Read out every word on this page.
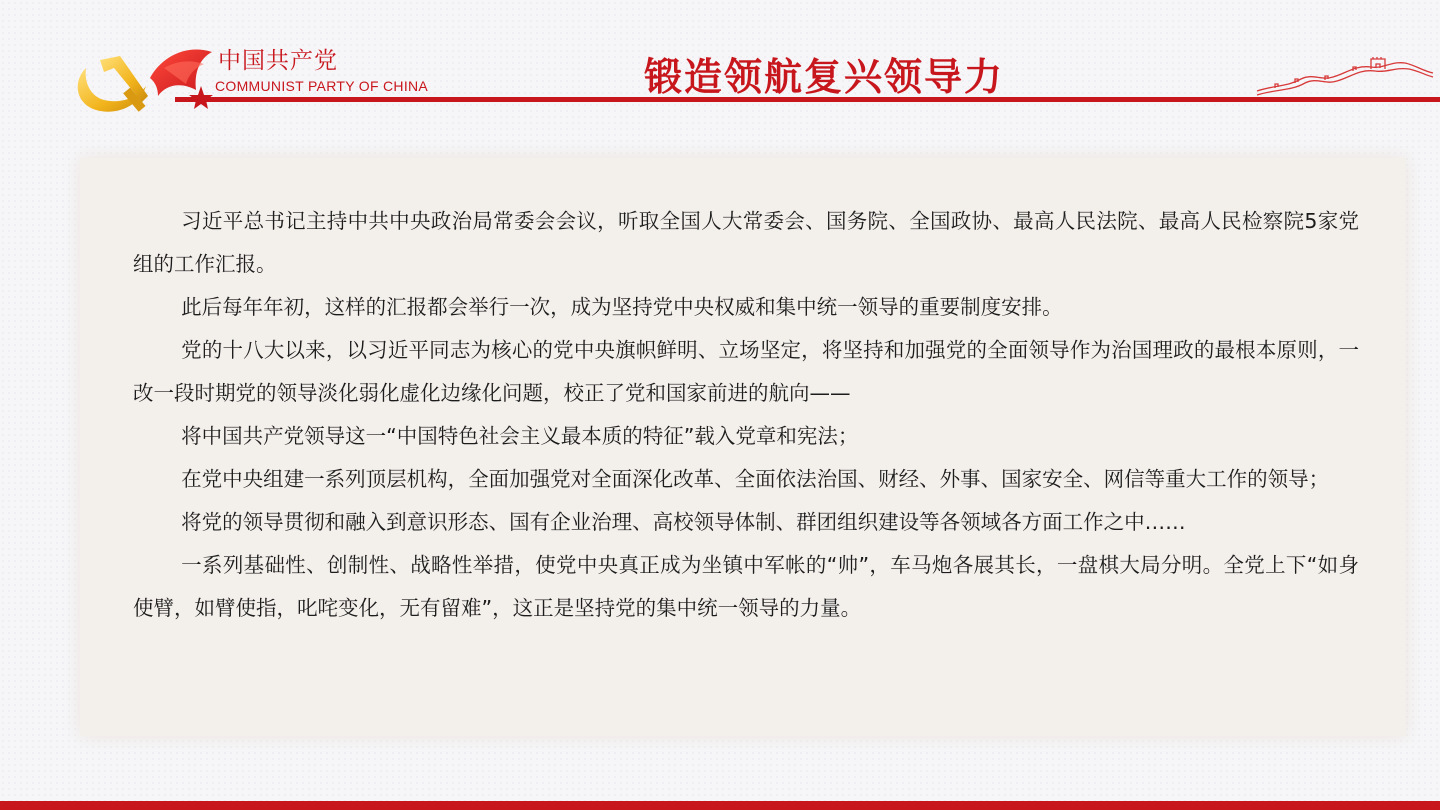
中国共产党
COMMUNIST PARTY OF CHINA	锻造领航复兴领导力

习近平总书记主持中共中央政治局常委会会议，听取全国人大常委会、国务院、全国政协、最高人民法院、最高人民检察院5家党组的工作汇报。

此后每年年初，这样的汇报都会举行一次，成为坚持党中央权威和集中统一领导的重要制度安排。

党的十八大以来，以习近平同志为核心的党中央旗帜鲜明、立场坚定，将坚持和加强党的全面领导作为治国理政的最根本原则，一改一段时期党的领导淡化弱化虚化边缘化问题，校正了党和国家前进的航向——

将中国共产党领导这一“中国特色社会主义最本质的特征”载入党章和宪法；

在党中央组建一系列顶层机构，全面加强党对全面深化改革、全面依法治国、财经、外事、国家安全、网信等重大工作的领导；

将党的领导贯彻和融入到意识形态、国有企业治理、高校领导体制、群团组织建设等各领域各方面工作之中……

一系列基础性、创制性、战略性举措，使党中央真正成为坐镇中军帐的“帅”，车马炮各展其长，一盘棋大局分明。全党上下“如身使臂，如臂使指，叱咤变化，无有留难”，这正是坚持党的集中统一领导的力量。
